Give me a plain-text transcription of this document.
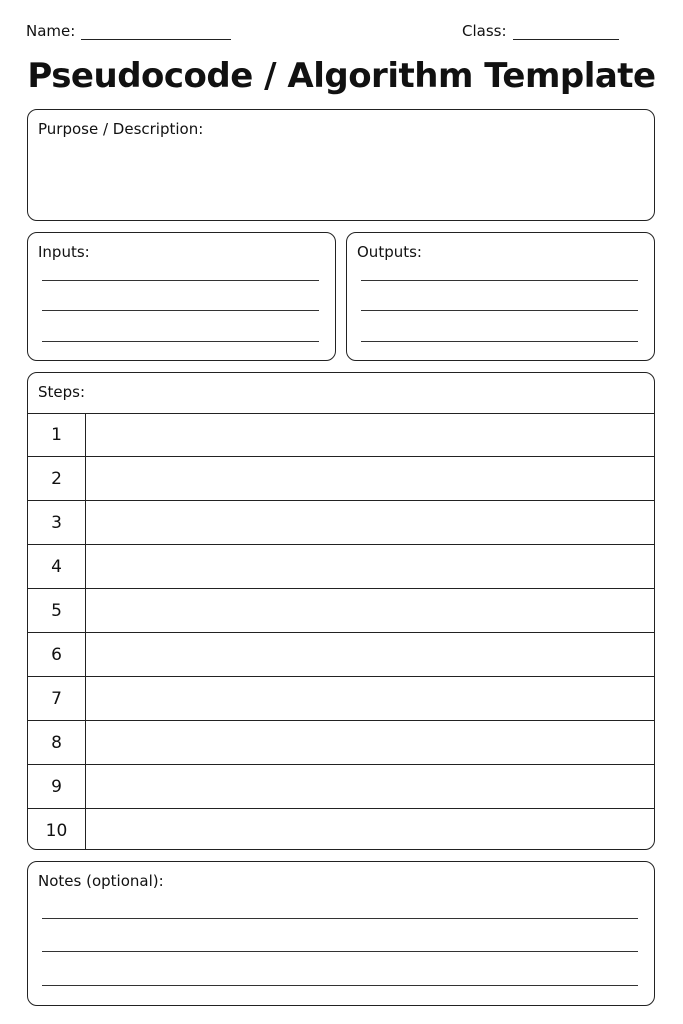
Name:	Class:
Pseudocode / Algorithm Template
Purpose / Description:
Inputs:	Outputs:
Steps:
1
2
3
4
5
6
7
8
9
10
Notes (optional):
